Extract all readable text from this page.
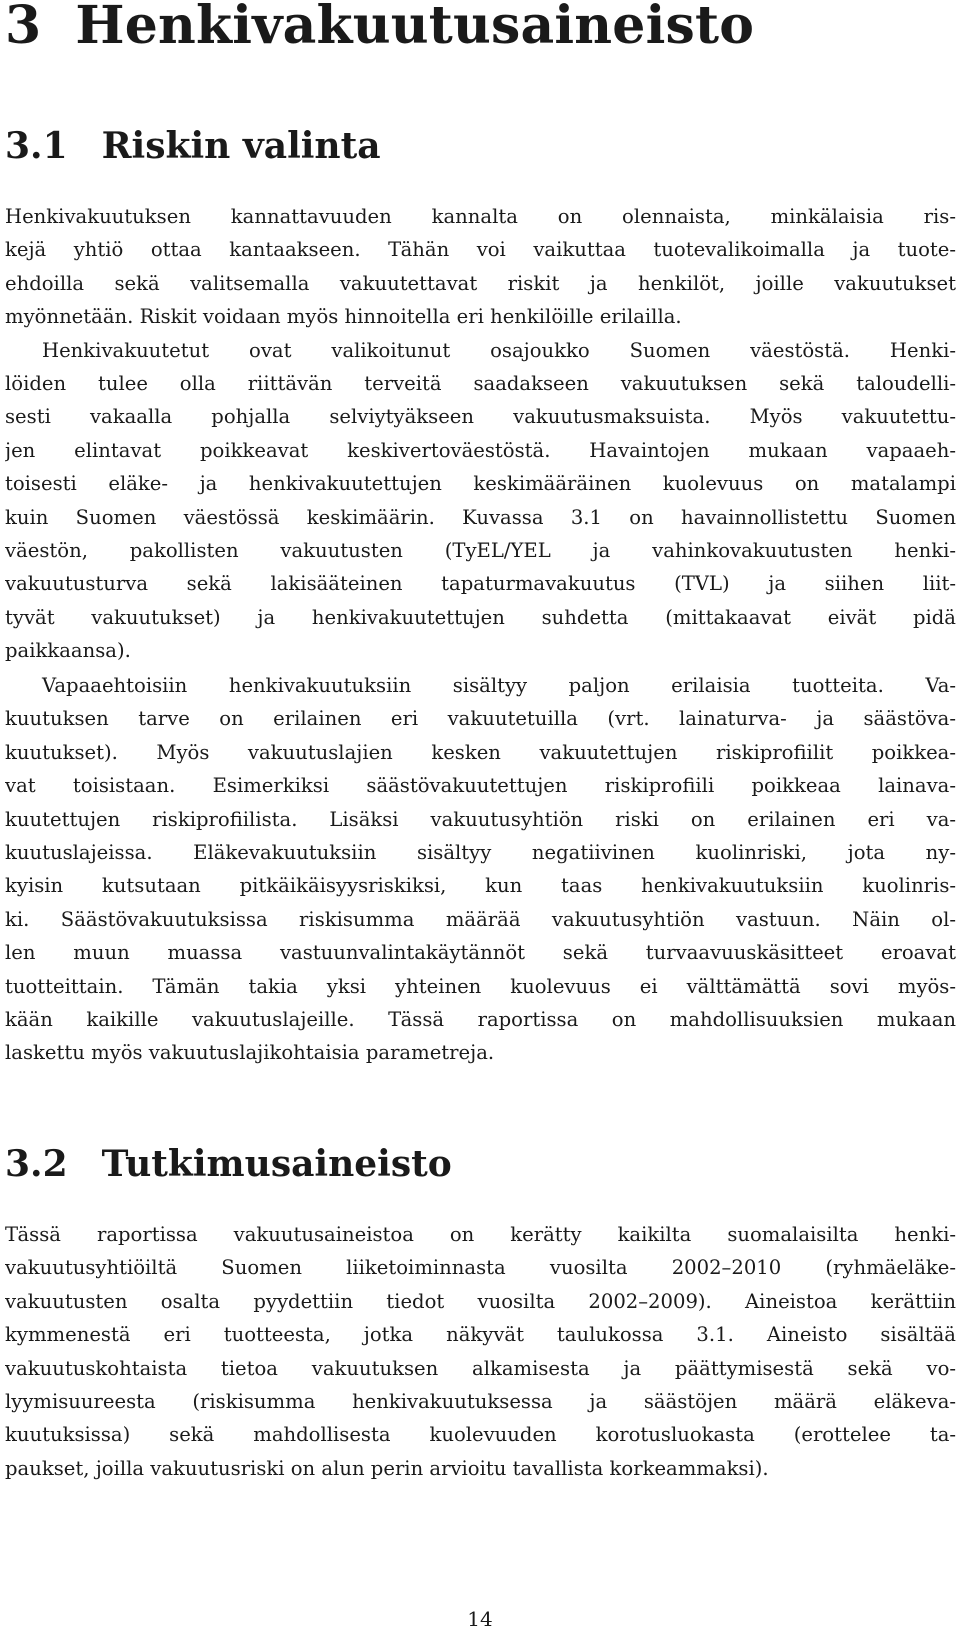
3 Henkivakuutusaineisto
3.1 Riskin valinta
Henkivakuutuksen kannattavuuden kannalta on olennaista, minkälaisia ris-
kejä yhtiö ottaa kantaakseen. Tähän voi vaikuttaa tuotevalikoimalla ja tuote-
ehdoilla sekä valitsemalla vakuutettavat riskit ja henkilöt, joille vakuutukset
myönnetään. Riskit voidaan myös hinnoitella eri henkilöille erilailla.
Henkivakuutetut ovat valikoitunut osajoukko Suomen väestöstä. Henki-
löiden tulee olla riittävän terveitä saadakseen vakuutuksen sekä taloudelli-
sesti vakaalla pohjalla selviytyäkseen vakuutusmaksuista. Myös vakuutettu-
jen elintavat poikkeavat keskivertoväestöstä. Havaintojen mukaan vapaaeh-
toisesti eläke- ja henkivakuutettujen keskimääräinen kuolevuus on matalampi
kuin Suomen väestössä keskimäärin. Kuvassa 3.1 on havainnollistettu Suomen
väestön, pakollisten vakuutusten (TyEL/YEL ja vahinkovakuutusten henki-
vakuutusturva sekä lakisääteinen tapaturmavakuutus (TVL) ja siihen liit-
tyvät vakuutukset) ja henkivakuutettujen suhdetta (mittakaavat eivät pidä
paikkaansa).
Vapaaehtoisiin henkivakuutuksiin sisältyy paljon erilaisia tuotteita. Va-
kuutuksen tarve on erilainen eri vakuutetuilla (vrt. lainaturva- ja säästöva-
kuutukset). Myös vakuutuslajien kesken vakuutettujen riskiprofiilit poikkea-
vat toisistaan. Esimerkiksi säästövakuutettujen riskiprofiili poikkeaa lainava-
kuutettujen riskiprofiilista. Lisäksi vakuutusyhtiön riski on erilainen eri va-
kuutuslajeissa. Eläkevakuutuksiin sisältyy negatiivinen kuolinriski, jota ny-
kyisin kutsutaan pitkäikäisyysriskiksi, kun taas henkivakuutuksiin kuolinris-
ki. Säästövakuutuksissa riskisumma määrää vakuutusyhtiön vastuun. Näin ol-
len muun muassa vastuunvalintakäytännöt sekä turvaavuuskäsitteet eroavat
tuotteittain. Tämän takia yksi yhteinen kuolevuus ei välttämättä sovi myös-
kään kaikille vakuutuslajeille. Tässä raportissa on mahdollisuuksien mukaan
laskettu myös vakuutuslajikohtaisia parametreja.
3.2 Tutkimusaineisto
Tässä raportissa vakuutusaineistoa on kerätty kaikilta suomalaisilta henki-
vakuutusyhtiöiltä Suomen liiketoiminnasta vuosilta 2002–2010 (ryhmäeläke-
vakuutusten osalta pyydettiin tiedot vuosilta 2002–2009). Aineistoa kerättiin
kymmenestä eri tuotteesta, jotka näkyvät taulukossa 3.1. Aineisto sisältää
vakuutuskohtaista tietoa vakuutuksen alkamisesta ja päättymisestä sekä vo-
lyymisuureesta (riskisumma henkivakuutuksessa ja säästöjen määrä eläkeva-
kuutuksissa) sekä mahdollisesta kuolevuuden korotusluokasta (erottelee ta-
paukset, joilla vakuutusriski on alun perin arvioitu tavallista korkeammaksi).

14
